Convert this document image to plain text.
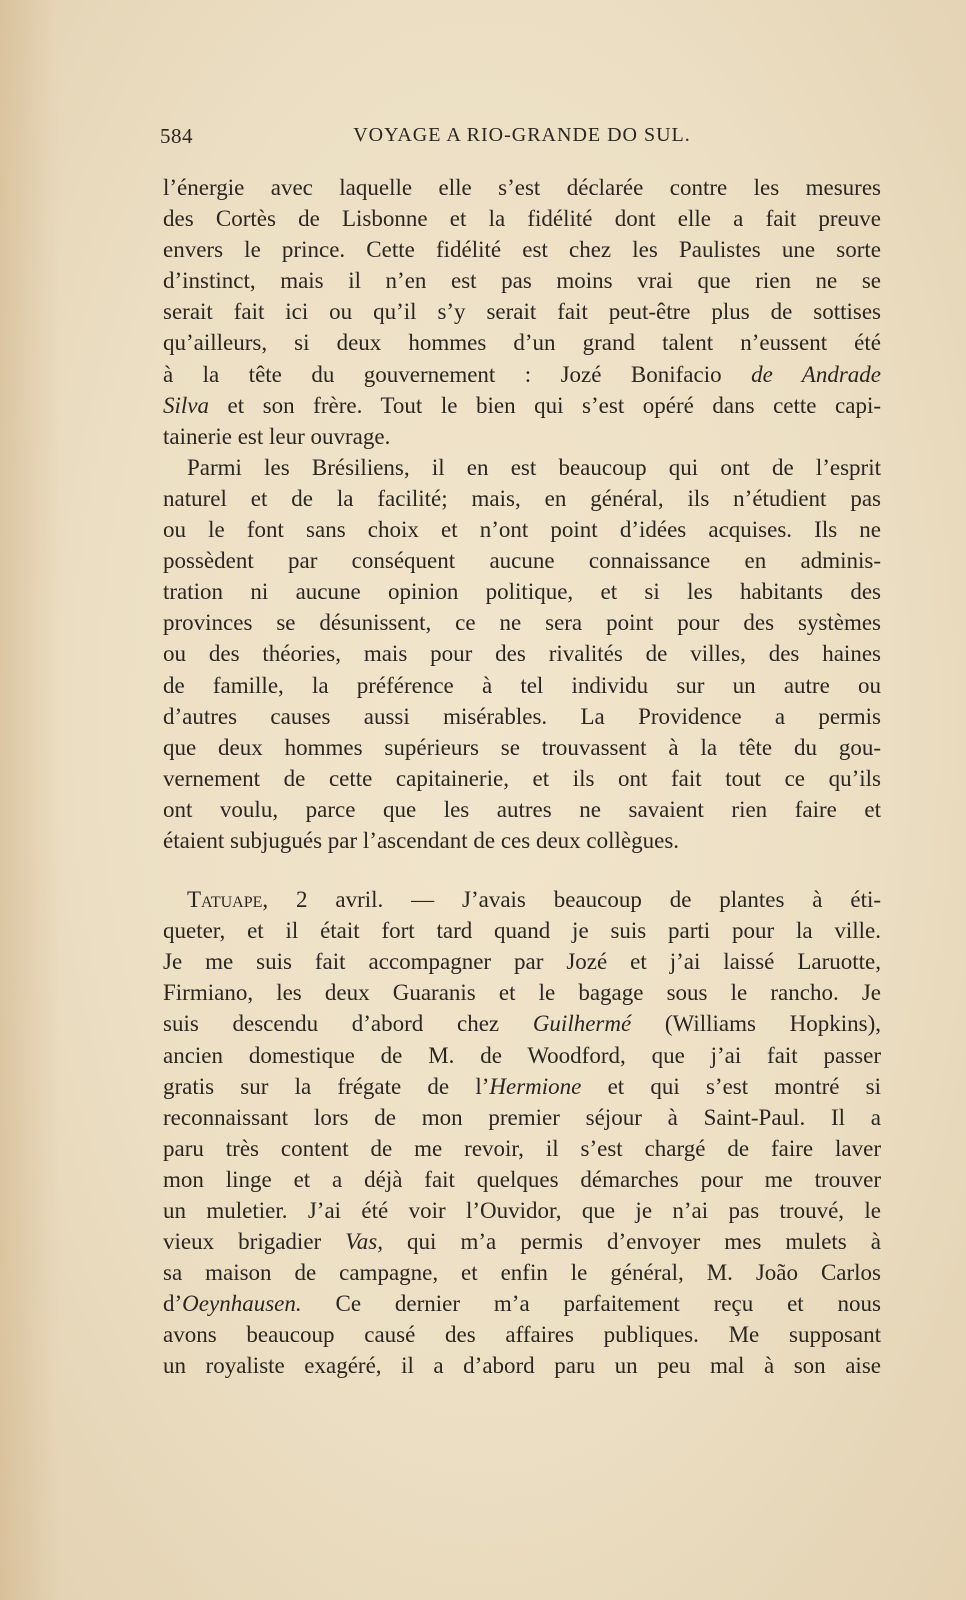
584	VOYAGE A RIO-GRANDE DO SUL.
l’énergie avec laquelle elle s’est déclarée contre les mesures
des Cortès de Lisbonne et la fidélité dont elle a fait preuve
envers le prince. Cette fidélité est chez les Paulistes une sorte
d’instinct, mais il n’en est pas moins vrai que rien ne se
serait fait ici ou qu’il s’y serait fait peut-être plus de sottises
qu’ailleurs, si deux hommes d’un grand talent n’eussent été
à la tête du gouvernement : Jozé Bonifacio de Andrade
Silva et son frère. Tout le bien qui s’est opéré dans cette capi-
tainerie est leur ouvrage.
Parmi les Brésiliens, il en est beaucoup qui ont de l’esprit
naturel et de la facilité; mais, en général, ils n’étudient pas
ou le font sans choix et n’ont point d’idées acquises. Ils ne
possèdent par conséquent aucune connaissance en adminis-
tration ni aucune opinion politique, et si les habitants des
provinces se désunissent, ce ne sera point pour des systèmes
ou des théories, mais pour des rivalités de villes, des haines
de famille, la préférence à tel individu sur un autre ou
d’autres causes aussi misérables. La Providence a permis
que deux hommes supérieurs se trouvassent à la tête du gou-
vernement de cette capitainerie, et ils ont fait tout ce qu’ils
ont voulu, parce que les autres ne savaient rien faire et
étaient subjugués par l’ascendant de ces deux collègues.
Tatuape, 2 avril. — J’avais beaucoup de plantes à éti-
queter, et il était fort tard quand je suis parti pour la ville.
Je me suis fait accompagner par Jozé et j’ai laissé Laruotte,
Firmiano, les deux Guaranis et le bagage sous le rancho. Je
suis descendu d’abord chez Guilhermé (Williams Hopkins),
ancien domestique de M. de Woodford, que j’ai fait passer
gratis sur la frégate de l’Hermione et qui s’est montré si
reconnaissant lors de mon premier séjour à Saint-Paul. Il a
paru très content de me revoir, il s’est chargé de faire laver
mon linge et a déjà fait quelques démarches pour me trouver
un muletier. J’ai été voir l’Ouvidor, que je n’ai pas trouvé, le
vieux brigadier Vas, qui m’a permis d’envoyer mes mulets à
sa maison de campagne, et enfin le général, M. João Carlos
d’Oeynhausen. Ce dernier m’a parfaitement reçu et nous
avons beaucoup causé des affaires publiques. Me supposant
un royaliste exagéré, il a d’abord paru un peu mal à son aise
